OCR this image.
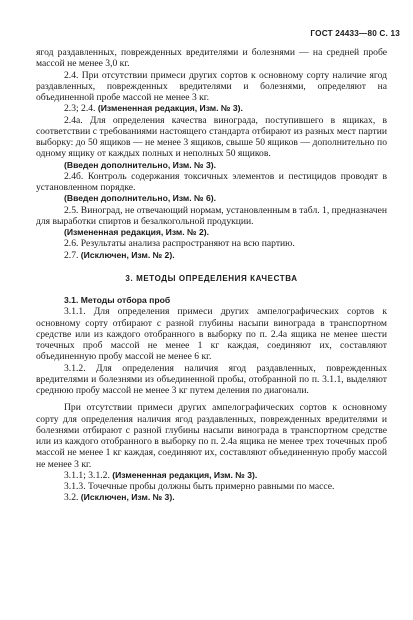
ГОСТ 24433—80 С. 13

ягод раздавленных, поврежденных вредителями и болезнями — на средней пробе массой не менее 3,0 кг.

2.4. При отсутствии примеси других сортов к основному сорту наличие ягод раздавленных, поврежденных вредителями и болезнями, определяют на объединенной пробе массой не менее 3 кг.

2.3; 2.4. (Измененная редакция, Изм. № 3).

2.4а. Для определения качества винограда, поступившего в ящиках, в соответствии с требованиями настоящего стандарта отбирают из разных мест партии выборку: до 50 ящиков — не менее 3 ящиков, свыше 50 ящиков — дополнительно по одному ящику от каждых полных и неполных 50 ящиков.

(Введен дополнительно, Изм. № 3).

2.4б. Контроль содержания токсичных элементов и пестицидов проводят в установленном порядке.

(Введен дополнительно, Изм. № 6).

2.5. Виноград, не отвечающий нормам, установленным в табл. 1, предназначен для выработки спиртов и безалкогольной продукции.

(Измененная редакция, Изм. № 2).

2.6. Результаты анализа распространяют на всю партию.

2.7. (Исключен, Изм. № 2).

3. МЕТОДЫ ОПРЕДЕЛЕНИЯ КАЧЕСТВА

3.1. Методы отбора проб

3.1.1. Для определения примеси других ампелографических сортов к основному сорту отбирают с разной глубины насыпи винограда в транспортном средстве или из каждого отобранного в выборку по п. 2.4а ящика не менее шести точечных проб массой не менее 1 кг каждая, соединяют их, составляют объединенную пробу массой не менее 6 кг.

3.1.2. Для определения наличия ягод раздавленных, поврежденных вредителями и болезнями из объединенной пробы, отобранной по п. 3.1.1, выделяют среднюю пробу массой не менее 3 кг путем деления по диагонали.

При отсутствии примеси других ампелографических сортов к основному сорту для определения наличия ягод раздавленных, поврежденных вредителями и болезнями отбирают с разной глубины насыпи винограда в транспортном средстве или из каждого отобранного в выборку по п. 2.4а ящика не менее трех точечных проб массой не менее 1 кг каждая, соединяют их, составляют объединенную пробу массой не менее 3 кг.

3.1.1; 3.1.2. (Измененная редакция, Изм. № 3).

3.1.3. Точечные пробы должны быть примерно равными по массе.

3.2. (Исключен, Изм. № 3).
